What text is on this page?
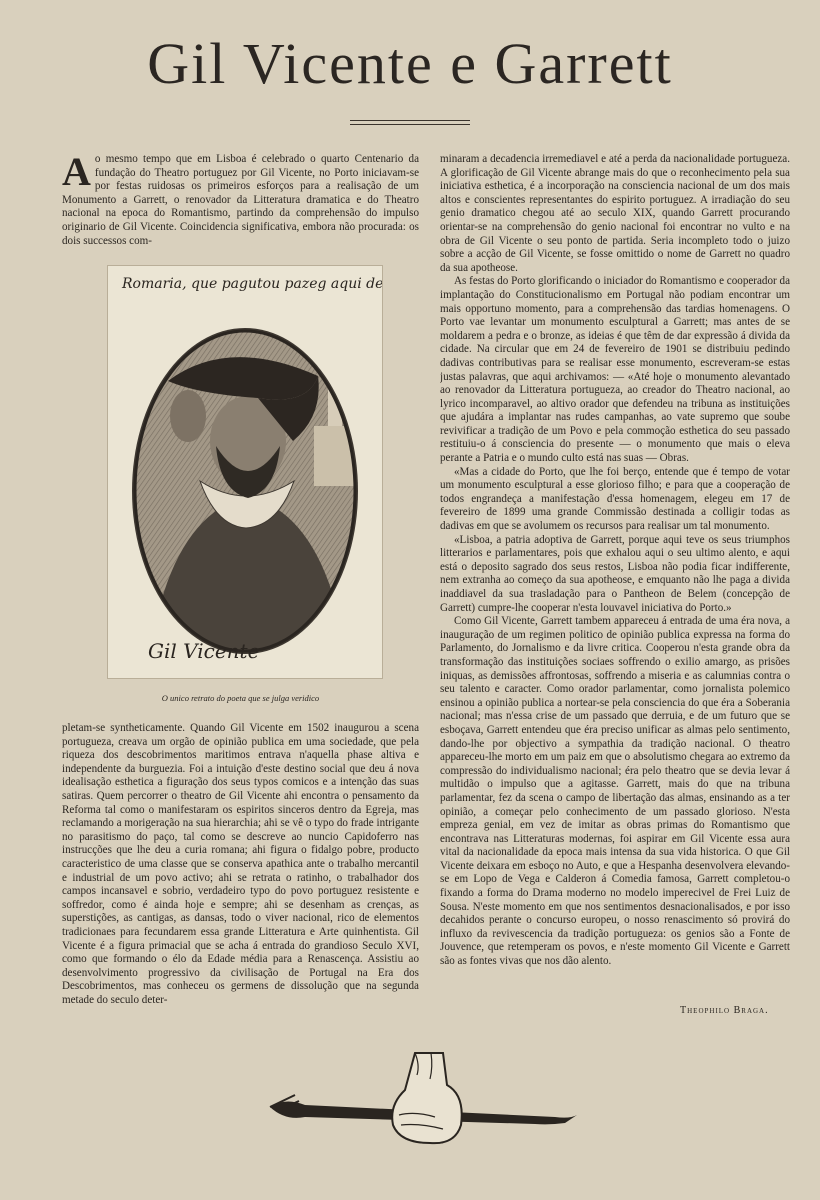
Gil Vicente e Garrett

Ao mesmo tempo que em Lisboa é celebrado o quarto Centenario da fundação do Theatro portuguez por Gil Vicente, no Porto iniciavam-se por festas ruidosas os primeiros esforços para a realisação de um Monumento a Garrett, o renovador da Litteratura dramatica e do Theatro nacional na epoca do Romantismo, partindo da comprehensão do impulso originario de Gil Vicente. Coincidencia significativa, embora não procurada: os dois successos com-

Romaria, que pagutou pazeg aqui de
Gil Vicente
O unico retrato do poeta que se julga veridico

pletam-se syntheticamente. Quando Gil Vicente em 1502 inaugurou a scena portugueza, creava um orgão de opinião publica em uma sociedade, que pela riqueza dos descobrimentos maritimos entrava n'aquella phase altiva e independente da burguezia. Foi a intuição d'este destino social que deu á nova idealisação esthetica a figuração dos seus typos comicos e a intenção das suas satiras. Quem percorrer o theatro de Gil Vicente ahi encontra o pensamento da Reforma tal como o manifestaram os espiritos sinceros dentro da Egreja, mas reclamando a morigeração na sua hierarchia; ahi se vê o typo do frade intrigante no parasitismo do paço, tal como se descreve ao nuncio Capidoferro nas instrucções que lhe deu a curia romana; ahi figura o fidalgo pobre, producto caracteristico de uma classe que se conserva apathica ante o trabalho mercantil e industrial de um povo activo; ahi se retrata o ratinho, o trabalhador dos campos incansavel e sobrio, verdadeiro typo do povo portuguez resistente e soffredor, como é ainda hoje e sempre; ahi se desenham as crenças, as superstições, as cantigas, as dansas, todo o viver nacional, rico de elementos tradicionaes para fecundarem essa grande Litteratura e Arte quinhentista. Gil Vicente é a figura primacial que se acha á entrada do grandioso Seculo XVI, como que formando o élo da Edade média para a Renascença. Assistiu ao desenvolvimento progressivo da civilisação de Portugal na Era dos Descobrimentos, mas conheceu os germens de dissolução que na segunda metade do seculo deter-

minaram a decadencia irremediavel e até a perda da nacionalidade portugueza. A glorificação de Gil Vicente abrange mais do que o reconhecimento pela sua iniciativa esthetica, é a incorporação na consciencia nacional de um dos mais altos e conscientes representantes do espirito portuguez. A irradiação do seu genio dramatico chegou até ao seculo XIX, quando Garrett procurando orientar-se na comprehensão do genio nacional foi encontrar no vulto e na obra de Gil Vicente o seu ponto de partida. Seria incompleto todo o juizo sobre a acção de Gil Vicente, se fosse omittido o nome de Garrett no quadro da sua apotheose.

As festas do Porto glorificando o iniciador do Romantismo e cooperador da implantação do Constitucionalismo em Portugal não podiam encontrar um mais opportuno momento, para a comprehensão das tardias homenagens. O Porto vae levantar um monumento esculptural a Garrett; mas antes de se moldarem a pedra e o bronze, as ideias é que têm de dar expressão á divida da cidade. Na circular que em 24 de fevereiro de 1901 se distribuiu pedindo dadivas contributivas para se realisar esse monumento, escreveram-se estas justas palavras, que aqui archivamos: — «Até hoje o monumento alevantado ao renovador da Litteratura portugueza, ao creador do Theatro nacional, ao lyrico incomparavel, ao altivo orador que defendeu na tribuna as instituições que ajudára a implantar nas rudes campanhas, ao vate supremo que soube revivificar a tradição de um Povo e pela commoção esthetica do seu passado restituiu-o á consciencia do presente — o monumento que mais o eleva perante a Patria e o mundo culto está nas suas — Obras.

«Mas a cidade do Porto, que lhe foi berço, entende que é tempo de votar um monumento esculptural a esse glorioso filho; e para que a cooperação de todos engrandeça a manifestação d'essa homenagem, elegeu em 17 de fevereiro de 1899 uma grande Commissão destinada a colligir todas as dadivas em que se avolumem os recursos para realisar um tal monumento.

«Lisboa, a patria adoptiva de Garrett, porque aqui teve os seus triumphos litterarios e parlamentares, pois que exhalou aqui o seu ultimo alento, e aqui está o deposito sagrado dos seus restos, Lisboa não podia ficar indifferente, nem extranha ao começo da sua apotheose, e emquanto não lhe paga a divida inaddiavel da sua trasladação para o Pantheon de Belem (concepção de Garrett) cumpre-lhe cooperar n'esta louvavel iniciativa do Porto.»

Como Gil Vicente, Garrett tambem appareceu á entrada de uma éra nova, a inauguração de um regimen politico de opinião publica expressa na forma do Parlamento, do Jornalismo e da livre critica. Cooperou n'esta grande obra da transformação das instituições sociaes soffrendo o exilio amargo, as prisões iniquas, as demissões affrontosas, soffrendo a miseria e as calumnias contra o seu talento e caracter. Como orador parlamentar, como jornalista polemico ensinou a opinião publica a nortear-se pela consciencia do que éra a Soberania nacional; mas n'essa crise de um passado que derruia, e de um futuro que se esboçava, Garrett entendeu que éra preciso unificar as almas pelo sentimento, dando-lhe por objectivo a sympathia da tradição nacional. O theatro appareceu-lhe morto em um paiz em que o absolutismo chegara ao extremo da compressão do individualismo nacional; éra pelo theatro que se devia levar á multidão o impulso que a agitasse. Garrett, mais do que na tribuna parlamentar, fez da scena o campo de libertação das almas, ensinando as a ter opinião, a começar pelo conhecimento de um passado glorioso. N'esta empreza genial, em vez de imitar as obras primas do Romantismo que encontrava nas Litteraturas modernas, foi aspirar em Gil Vicente essa aura vital da nacionalidade da epoca mais intensa da sua vida historica. O que Gil Vicente deixara em esboço no Auto, e que a Hespanha desenvolvera elevando-se em Lopo de Vega e Calderon á Comedia famosa, Garrett completou-o fixando a forma do Drama moderno no modelo imperecivel de Frei Luiz de Sousa. N'este momento em que nos sentimentos desnacionalisados, e por isso decahidos perante o concurso europeu, o nosso renascimento só provirá do influxo da revivescencia da tradição portugueza: os genios são a Fonte de Jouvence, que retemperam os povos, e n'este momento Gil Vicente e Garrett são as fontes vivas que nos dão alento.

Theophilo Braga.
